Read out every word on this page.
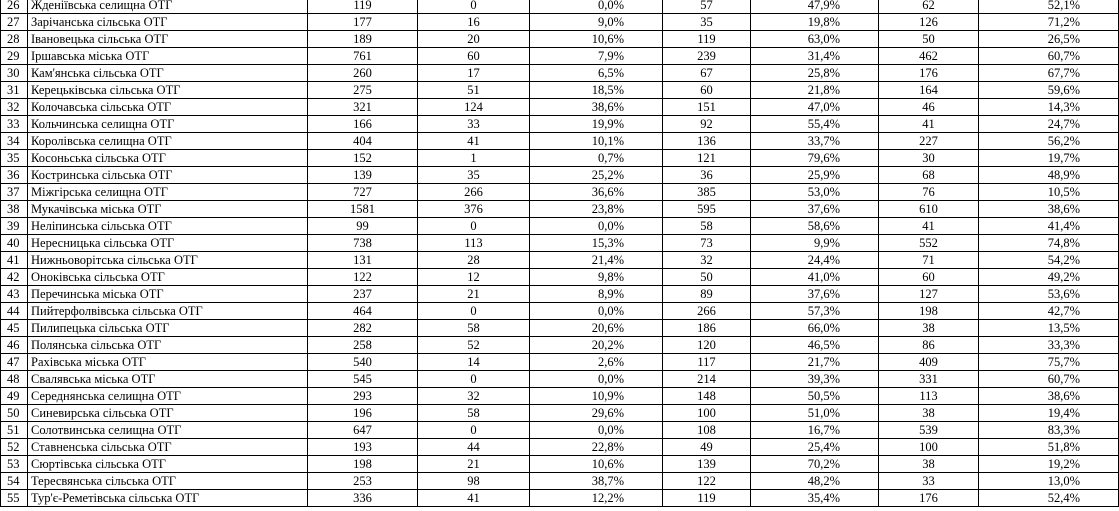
26	Жденіївська селищна ОТГ	119	0	0,0%	57	47,9%	62	52,1%
27	Зарічанська сільська ОТГ	177	16	9,0%	35	19,8%	126	71,2%
28	Івановецька сільська ОТГ	189	20	10,6%	119	63,0%	50	26,5%
29	Іршавська міська ОТГ	761	60	7,9%	239	31,4%	462	60,7%
30	Кам'янська сільська ОТГ	260	17	6,5%	67	25,8%	176	67,7%
31	Керецьківська сільська ОТГ	275	51	18,5%	60	21,8%	164	59,6%
32	Колочавська сільська ОТГ	321	124	38,6%	151	47,0%	46	14,3%
33	Кольчинська селищна ОТГ	166	33	19,9%	92	55,4%	41	24,7%
34	Королівська селищна ОТГ	404	41	10,1%	136	33,7%	227	56,2%
35	Косоньська сільська ОТГ	152	1	0,7%	121	79,6%	30	19,7%
36	Костринська сільська ОТГ	139	35	25,2%	36	25,9%	68	48,9%
37	Міжгірська селищна ОТГ	727	266	36,6%	385	53,0%	76	10,5%
38	Мукачівська міська ОТГ	1581	376	23,8%	595	37,6%	610	38,6%
39	Неліпинська сільська ОТГ	99	0	0,0%	58	58,6%	41	41,4%
40	Нересницька сільська ОТГ	738	113	15,3%	73	9,9%	552	74,8%
41	Нижньоворітська сільська ОТГ	131	28	21,4%	32	24,4%	71	54,2%
42	Оноківська сільська ОТГ	122	12	9,8%	50	41,0%	60	49,2%
43	Перечинська міська ОТГ	237	21	8,9%	89	37,6%	127	53,6%
44	Пийтерфолвівська сільська ОТГ	464	0	0,0%	266	57,3%	198	42,7%
45	Пилипецька сільська ОТГ	282	58	20,6%	186	66,0%	38	13,5%
46	Полянська сільська ОТГ	258	52	20,2%	120	46,5%	86	33,3%
47	Рахівська міська ОТГ	540	14	2,6%	117	21,7%	409	75,7%
48	Свалявська міська ОТГ	545	0	0,0%	214	39,3%	331	60,7%
49	Середнянська селищна ОТГ	293	32	10,9%	148	50,5%	113	38,6%
50	Синевирська сільська ОТГ	196	58	29,6%	100	51,0%	38	19,4%
51	Солотвинська селищна ОТГ	647	0	0,0%	108	16,7%	539	83,3%
52	Ставненська сільська ОТГ	193	44	22,8%	49	25,4%	100	51,8%
53	Сюртівська сільська ОТГ	198	21	10,6%	139	70,2%	38	19,2%
54	Тересвянська сільська ОТГ	253	98	38,7%	122	48,2%	33	13,0%
55	Тур'є-Реметівська сільська ОТГ	336	41	12,2%	119	35,4%	176	52,4%
